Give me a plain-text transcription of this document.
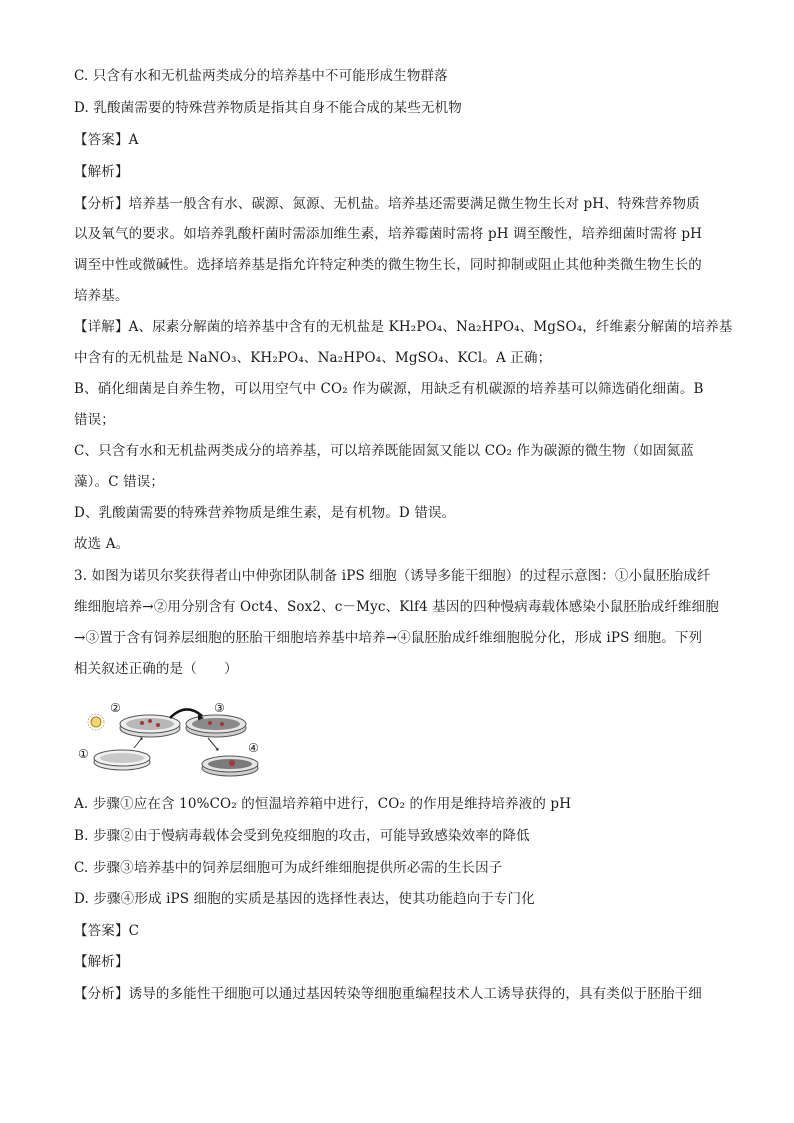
C. 只含有水和无机盐两类成分的培养基中不可能形成生物群落
D. 乳酸菌需要的特殊营养物质是指其自身不能合成的某些无机物
【答案】A
【解析】
【分析】培养基一般含有水、碳源、氮源、无机盐。培养基还需要满足微生物生长对 pH、特殊营养物质
以及氧气的要求。如培养乳酸杆菌时需添加维生素，培养霉菌时需将 pH 调至酸性，培养细菌时需将 pH
调至中性或微碱性。选择培养基是指允许特定种类的微生物生长，同时抑制或阻止其他种类微生物生长的
培养基。
【详解】A、尿素分解菌的培养基中含有的无机盐是 KH₂PO₄、Na₂HPO₄、MgSO₄，纤维素分解菌的培养基
中含有的无机盐是 NaNO₃、KH₂PO₄、Na₂HPO₄、MgSO₄、KCl。A 正确；
B、硝化细菌是自养生物，可以用空气中 CO₂ 作为碳源，用缺乏有机碳源的培养基可以筛选硝化细菌。B
错误；
C、只含有水和无机盐两类成分的培养基，可以培养既能固氮又能以 CO₂ 作为碳源的微生物（如固氮蓝
藻）。C 错误；
D、乳酸菌需要的特殊营养物质是维生素，是有机物。D 错误。
故选 A。
3. 如图为诺贝尔奖获得者山中伸弥团队制备 iPS 细胞（诱导多能干细胞）的过程示意图：①小鼠胚胎成纤
维细胞培养→②用分别含有 Oct4、Sox2、c－Myc、Klf4 基因的四种慢病毒载体感染小鼠胚胎成纤维细胞
→③置于含有饲养层细胞的胚胎干细胞培养基中培养→④鼠胚胎成纤维细胞脱分化，形成 iPS 细胞。下列
相关叙述正确的是（　　）
①
②	③
④
A. 步骤①应在含 10%CO₂ 的恒温培养箱中进行，CO₂ 的作用是维持培养液的 pH
B. 步骤②由于慢病毒载体会受到免疫细胞的攻击，可能导致感染效率的降低
C. 步骤③培养基中的饲养层细胞可为成纤维细胞提供所必需的生长因子
D. 步骤④形成 iPS 细胞的实质是基因的选择性表达，使其功能趋向于专门化
【答案】C
【解析】
【分析】诱导的多能性干细胞可以通过基因转染等细胞重编程技术人工诱导获得的，具有类似于胚胎干细
